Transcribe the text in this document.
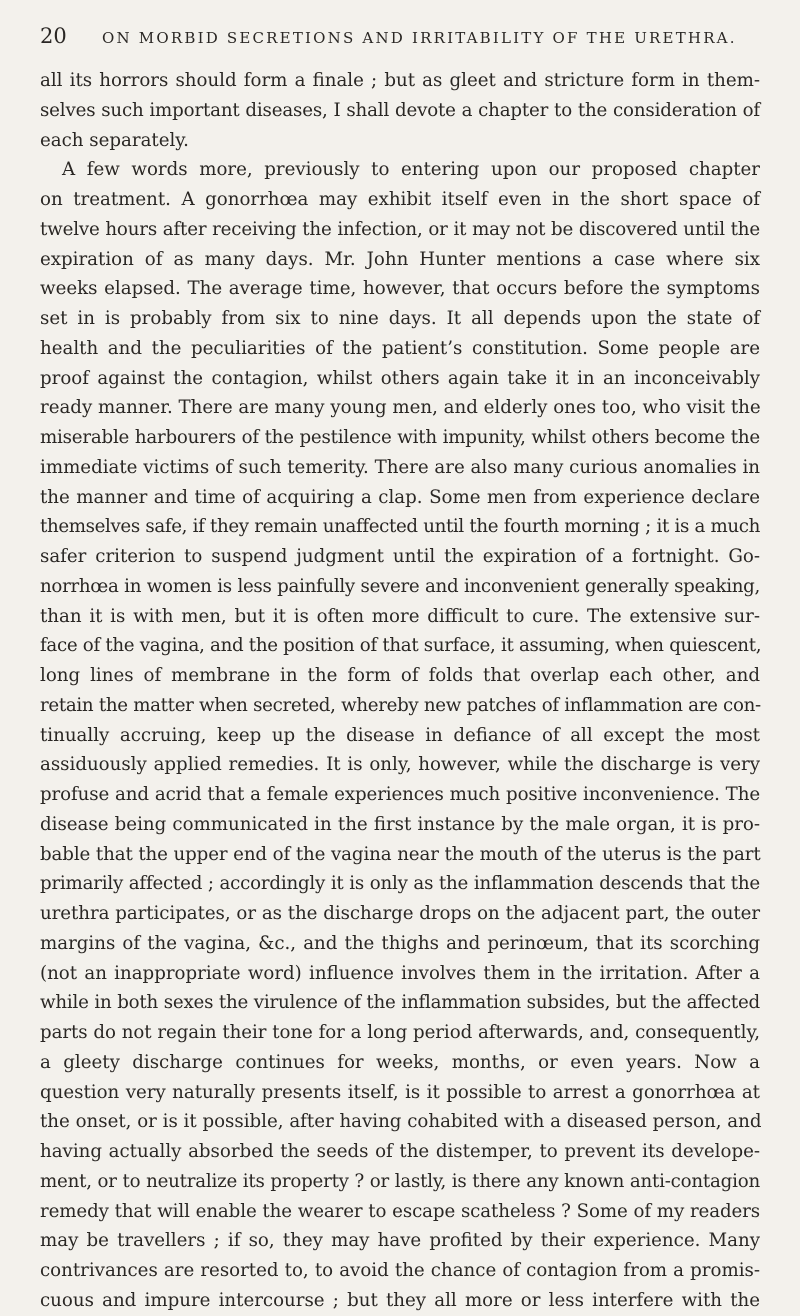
20	ON MORBID SECRETIONS AND IRRITABILITY OF THE URETHRA.
all its horrors should form a finale ; but as gleet and stricture form in them-
selves such important diseases, I shall devote a chapter to the consideration of
each separately.
A few words more, previously to entering upon our proposed chapter
on treatment. A gonorrhœa may exhibit itself even in the short space of
twelve hours after receiving the infection, or it may not be discovered until the
expiration of as many days. Mr. John Hunter mentions a case where six
weeks elapsed. The average time, however, that occurs before the symptoms
set in is probably from six to nine days. It all depends upon the state of
health and the peculiarities of the patient’s constitution. Some people are
proof against the contagion, whilst others again take it in an inconceivably
ready manner. There are many young men, and elderly ones too, who visit the
miserable harbourers of the pestilence with impunity, whilst others become the
immediate victims of such temerity. There are also many curious anomalies in
the manner and time of acquiring a clap. Some men from experience declare
themselves safe, if they remain unaffected until the fourth morning ; it is a much
safer criterion to suspend judgment until the expiration of a fortnight. Go-
norrhœa in women is less painfully severe and inconvenient generally speaking,
than it is with men, but it is often more difficult to cure. The extensive sur-
face of the vagina, and the position of that surface, it assuming, when quiescent,
long lines of membrane in the form of folds that overlap each other, and
retain the matter when secreted, whereby new patches of inflammation are con-
tinually accruing, keep up the disease in defiance of all except the most
assiduously applied remedies. It is only, however, while the discharge is very
profuse and acrid that a female experiences much positive inconvenience. The
disease being communicated in the first instance by the male organ, it is pro-
bable that the upper end of the vagina near the mouth of the uterus is the part
primarily affected ; accordingly it is only as the inflammation descends that the
urethra participates, or as the discharge drops on the adjacent part, the outer
margins of the vagina, &c., and the thighs and perinœum, that its scorching
(not an inappropriate word) influence involves them in the irritation. After a
while in both sexes the virulence of the inflammation subsides, but the affected
parts do not regain their tone for a long period afterwards, and, consequently,
a gleety discharge continues for weeks, months, or even years. Now a
question very naturally presents itself, is it possible to arrest a gonorrhœa at
the onset, or is it possible, after having cohabited with a diseased person, and
having actually absorbed the seeds of the distemper, to prevent its develope-
ment, or to neutralize its property ? or lastly, is there any known anti-contagion
remedy that will enable the wearer to escape scatheless ? Some of my readers
may be travellers ; if so, they may have profited by their experience. Many
contrivances are resorted to, to avoid the chance of contagion from a promis-
cuous and impure intercourse ; but they all more or less interfere with the
